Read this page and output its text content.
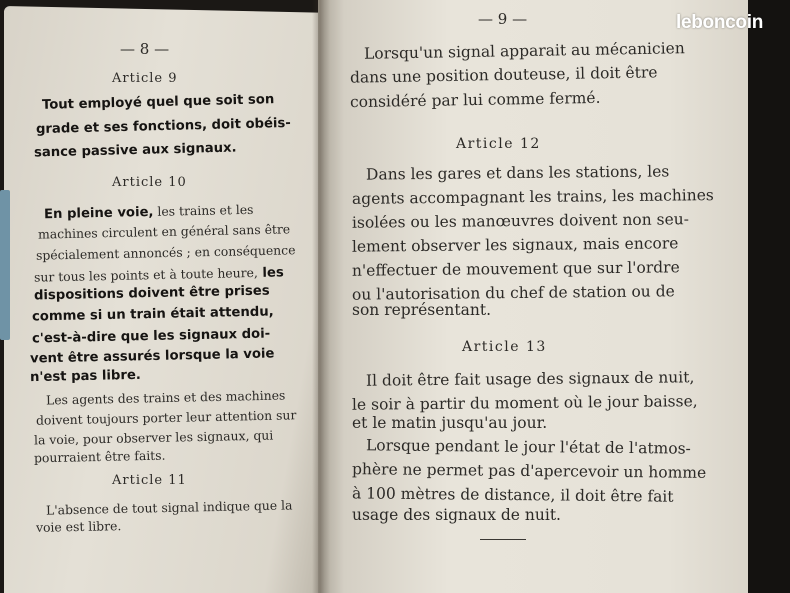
— 8 —
Article 9
Tout employé quel que soit son
grade et ses fonctions, doit obéis-
sance passive aux signaux.
Article 10
En pleine voie, les trains et les
machines circulent en général sans être
spécialement annoncés ; en conséquence
sur tous les points et à toute heure, les
dispositions doivent être prises
comme si un train était attendu,
c'est-à-dire que les signaux doi-
vent être assurés lorsque la voie
n'est pas libre.
Les agents des trains et des machines
doivent toujours porter leur attention sur
la voie, pour observer les signaux, qui
pourraient être faits.
Article 11
L'absence de tout signal indique que la
voie est libre.
— 9 —
Lorsqu'un signal apparait au mécanicien
dans une position douteuse, il doit être
considéré par lui comme fermé.
Article 12
Dans les gares et dans les stations, les
agents accompagnant les trains, les machines
isolées ou les manœuvres doivent non seu-
lement observer les signaux, mais encore
n'effectuer de mouvement que sur l'ordre
ou l'autorisation du chef de station ou de
son représentant.
Article 13
Il doit être fait usage des signaux de nuit,
le soir à partir du moment où le jour baisse,
et le matin jusqu'au jour.
Lorsque pendant le jour l'état de l'atmos-
phère ne permet pas d'apercevoir un homme
à 100 mètres de distance, il doit être fait
usage des signaux de nuit.
leboncoin
